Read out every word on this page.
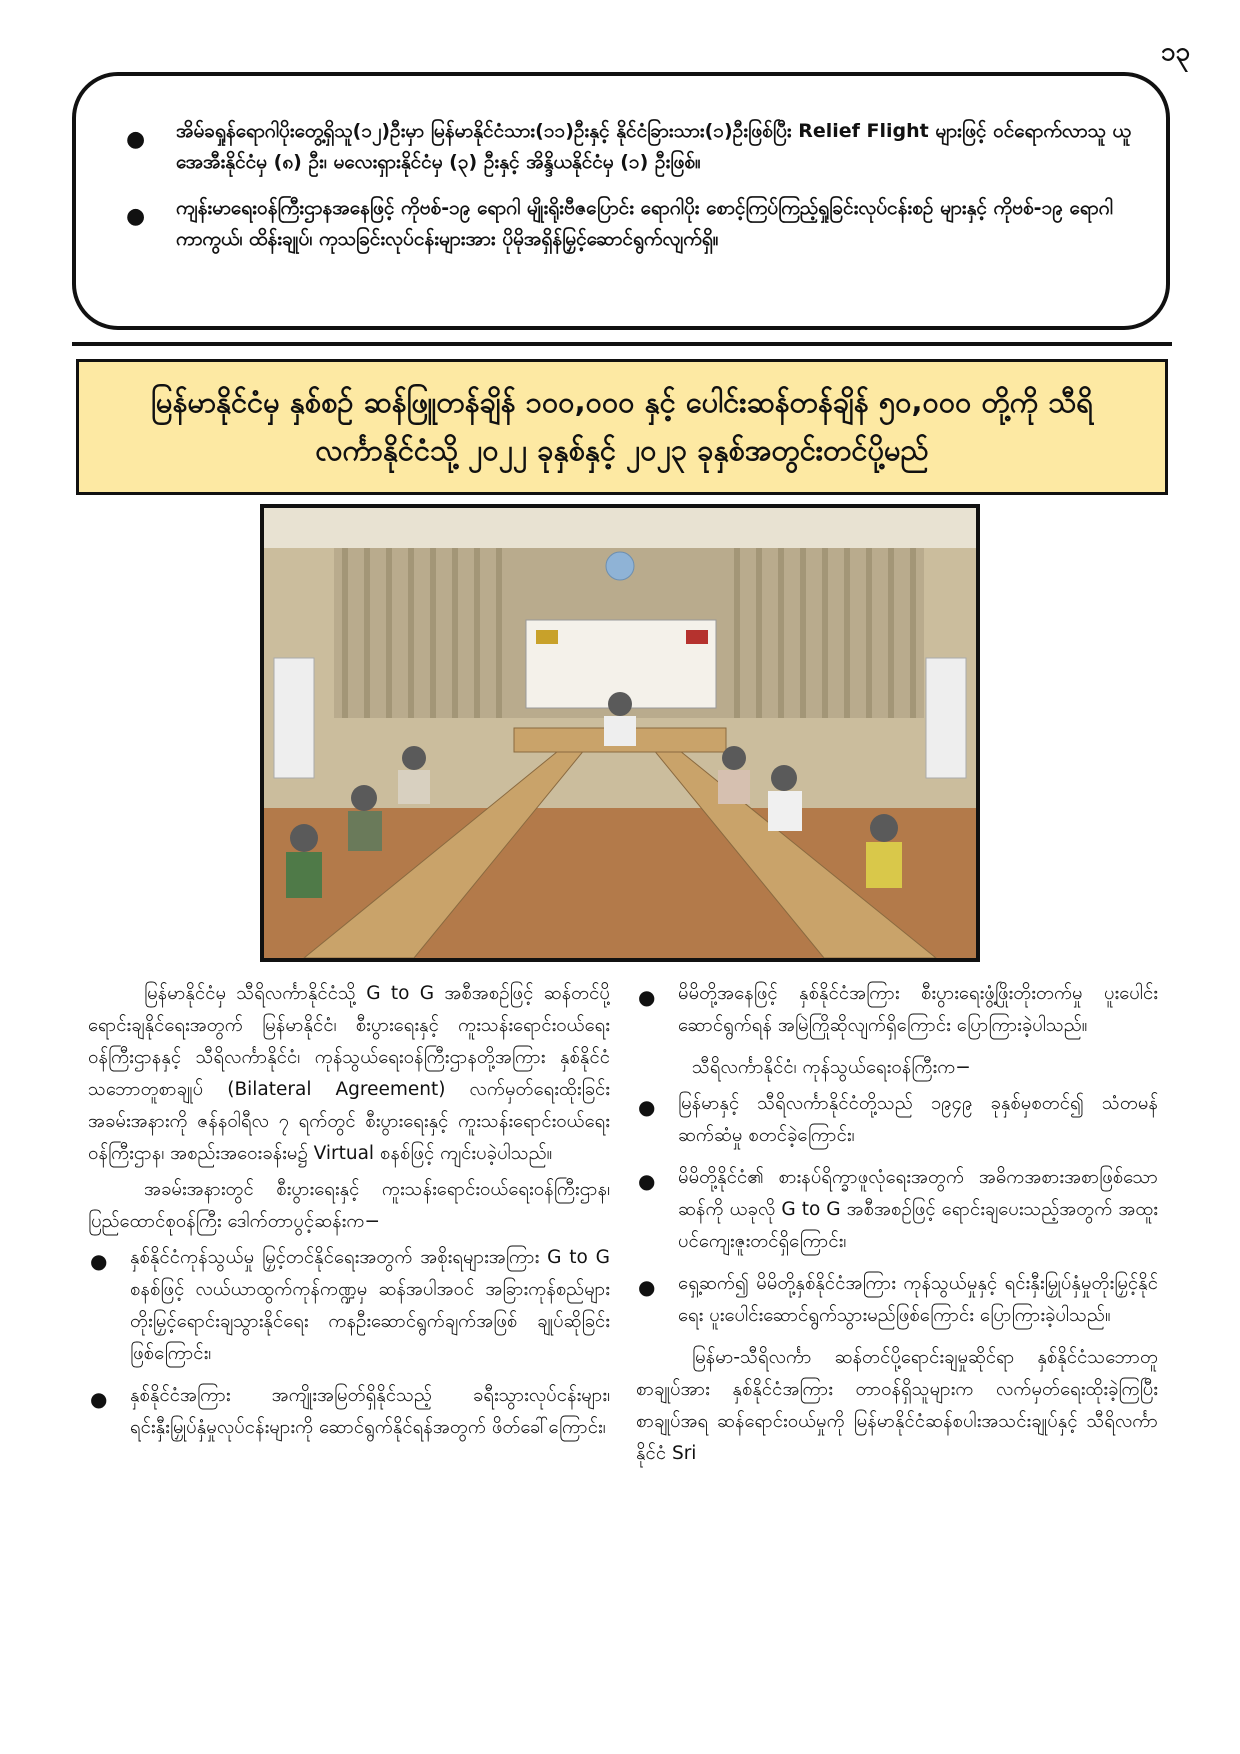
၁၃
● အိမ်ခရှုန်ရောဂါပိုးတွေ့ရှိသူ(၁၂)ဦးမှာ မြန်မာနိုင်ငံသား(၁၁)ဦးနှင့် နိုင်ငံခြားသား(၁)ဦးဖြစ်ပြီး Relief Flight များဖြင့် ဝင်ရောက်လာသူ ယူအေအီးနိုင်ငံမှ (၈) ဦး၊ မလေးရှားနိုင်ငံမှ (၃) ဦးနှင့် အိန္ဒိယနိုင်ငံမှ (၁) ဦးဖြစ်။
● ကျန်းမာရေးဝန်ကြီးဌာနအနေဖြင့် ကိုဗစ်-၁၉ ရောဂါ မျိုးရိုးဗီဇပြောင်း ရောဂါပိုး စောင့်ကြပ်ကြည့်ရှုခြင်းလုပ်ငန်းစဉ် များနှင့် ကိုဗစ်-၁၉ ရောဂါ ကာကွယ်၊ ထိန်းချုပ်၊ ကုသခြင်းလုပ်ငန်းများအား ပိုမိုအရှိန်မြှင့်ဆောင်ရွက်လျက်ရှိ။
မြန်မာနိုင်ငံမှ နှစ်စဉ် ဆန်ဖြူတန်ချိန် ၁၀၀,၀၀၀ နှင့် ပေါင်းဆန်တန်ချိန် ၅၀,၀၀၀ တို့ကို သီရိလင်္ကာနိုင်ငံသို့ ၂၀၂၂ ခုနှစ်နှင့် ၂၀၂၃ ခုနှစ်အတွင်းတင်ပို့မည်

မြန်မာနိုင်ငံမှ သီရိလင်္ကာနိုင်ငံသို့ G to G အစီအစဉ်ဖြင့် ဆန်တင်ပို့ရောင်းချနိုင်ရေးအတွက် မြန်မာနိုင်ငံ၊ စီးပွားရေးနှင့် ကူးသန်းရောင်းဝယ်ရေးဝန်ကြီးဌာနနှင့် သီရိလင်္ကာနိုင်ငံ၊ ကုန်သွယ်ရေးဝန်ကြီးဌာနတို့အကြား နှစ်နိုင်ငံသဘောတူစာချုပ် (Bilateral Agreement) လက်မှတ်ရေးထိုးခြင်း အခမ်းအနားကို ဇန်နဝါရီလ ၇ ရက်တွင် စီးပွားရေးနှင့် ကူးသန်းရောင်းဝယ်ရေးဝန်ကြီးဌာန၊ အစည်းအဝေးခန်းမ၌ Virtual စနစ်ဖြင့် ကျင်းပခဲ့ပါသည်။

အခမ်းအနားတွင် စီးပွားရေးနှင့် ကူးသန်းရောင်းဝယ်ရေးဝန်ကြီးဌာန၊ ပြည်ထောင်စုဝန်ကြီး ဒေါက်တာပွင့်ဆန်းက−

● နှစ်နိုင်ငံကုန်သွယ်မှု မြှင့်တင်နိုင်ရေးအတွက် အစိုးရများအကြား G to G စနစ်ဖြင့် လယ်ယာထွက်ကုန်ကဏ္ဍမှ ဆန်အပါအဝင် အခြားကုန်စည်များ တိုးမြှင့်ရောင်းချသွားနိုင်ရေး ကနဦးဆောင်ရွက်ချက်အဖြစ် ချုပ်ဆိုခြင်းဖြစ်ကြောင်း၊
● နှစ်နိုင်ငံအကြား အကျိုးအမြတ်ရှိနိုင်သည့် ခရီးသွားလုပ်ငန်းများ၊ ရင်းနှီးမြှုပ်နှံမှုလုပ်ငန်းများကို ဆောင်ရွက်နိုင်ရန်အတွက် ဖိတ်ခေါ်ကြောင်း၊
● မိမိတို့အနေဖြင့် နှစ်နိုင်ငံအကြား စီးပွားရေးဖွံ့ဖြိုးတိုးတက်မှု ပူးပေါင်းဆောင်ရွက်ရန် အမြဲကြိုဆိုလျက်ရှိကြောင်း ပြောကြားခဲ့ပါသည်။

သီရိလင်္ကာနိုင်ငံ၊ ကုန်သွယ်ရေးဝန်ကြီးက−

● မြန်မာနှင့် သီရိလင်္ကာနိုင်ငံတို့သည် ၁၉၄၉ ခုနှစ်မှစတင်၍ သံတမန်ဆက်ဆံမှု စတင်ခဲ့ကြောင်း၊
● မိမိတို့နိုင်ငံ၏ စားနပ်ရိက္ခာဖူလုံရေးအတွက် အဓိကအစားအစာဖြစ်သော ဆန်ကို ယခုလို G to G အစီအစဉ်ဖြင့် ရောင်းချပေးသည့်အတွက် အထူးပင်ကျေးဇူးတင်ရှိကြောင်း၊
● ရှေ့ဆက်၍ မိမိတို့နှစ်နိုင်ငံအကြား ကုန်သွယ်မှုနှင့် ရင်းနှီးမြှုပ်နှံမှုတိုးမြှင့်နိုင်ရေး ပူးပေါင်းဆောင်ရွက်သွားမည်ဖြစ်ကြောင်း ပြောကြားခဲ့ပါသည်။

မြန်မာ-သီရိလင်္ကာ ဆန်တင်ပို့ရောင်းချမှုဆိုင်ရာ နှစ်နိုင်ငံသဘောတူစာချုပ်အား နှစ်နိုင်ငံအကြား တာဝန်ရှိသူများက လက်မှတ်ရေးထိုးခဲ့ကြပြီး စာချုပ်အရ ဆန်ရောင်းဝယ်မှုကို မြန်မာနိုင်ငံဆန်စပါးအသင်းချုပ်နှင့် သီရိလင်္ကာနိုင်ငံ Sri
